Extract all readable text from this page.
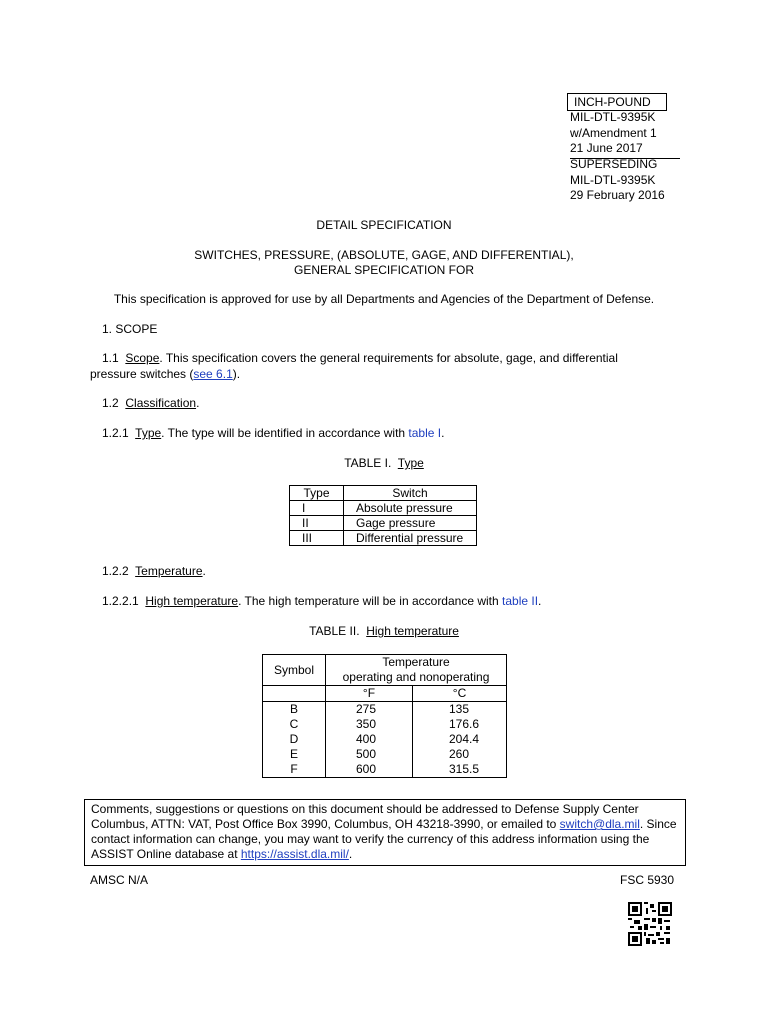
INCH-POUND
MIL-DTL-9395K
w/Amendment 1
21 June 2017
SUPERSEDING
MIL-DTL-9395K
29 February 2016
DETAIL SPECIFICATION
SWITCHES, PRESSURE, (ABSOLUTE, GAGE, AND DIFFERENTIAL),
GENERAL SPECIFICATION FOR
This specification is approved for use by all Departments and Agencies of the Department of Defense.
1. SCOPE
1.1 Scope. This specification covers the general requirements for absolute, gage, and differential
pressure switches (see 6.1).
1.2 Classification.
1.2.1 Type. The type will be identified in accordance with table I.
TABLE I. Type
Type	Switch
I	Absolute pressure
II	Gage pressure
III	Differential pressure
1.2.2 Temperature.
1.2.2.1 High temperature. The high temperature will be in accordance with table II.
TABLE II. High temperature
Symbol	Temperature	
	operating and nonoperating	
	°F	°C
B	275	135
C	350	176.6
D	400	204.4
E	500	260
F	600	315.5
Comments, suggestions or questions on this document should be addressed to Defense Supply Center Columbus, ATTN: VAT, Post Office Box 3990, Columbus, OH 43218-3990, or emailed to switch@dla.mil. Since contact information can change, you may want to verify the currency of this address information using the ASSIST Online database at https://assist.dla.mil/.
AMSC N/A	FSC 5930
